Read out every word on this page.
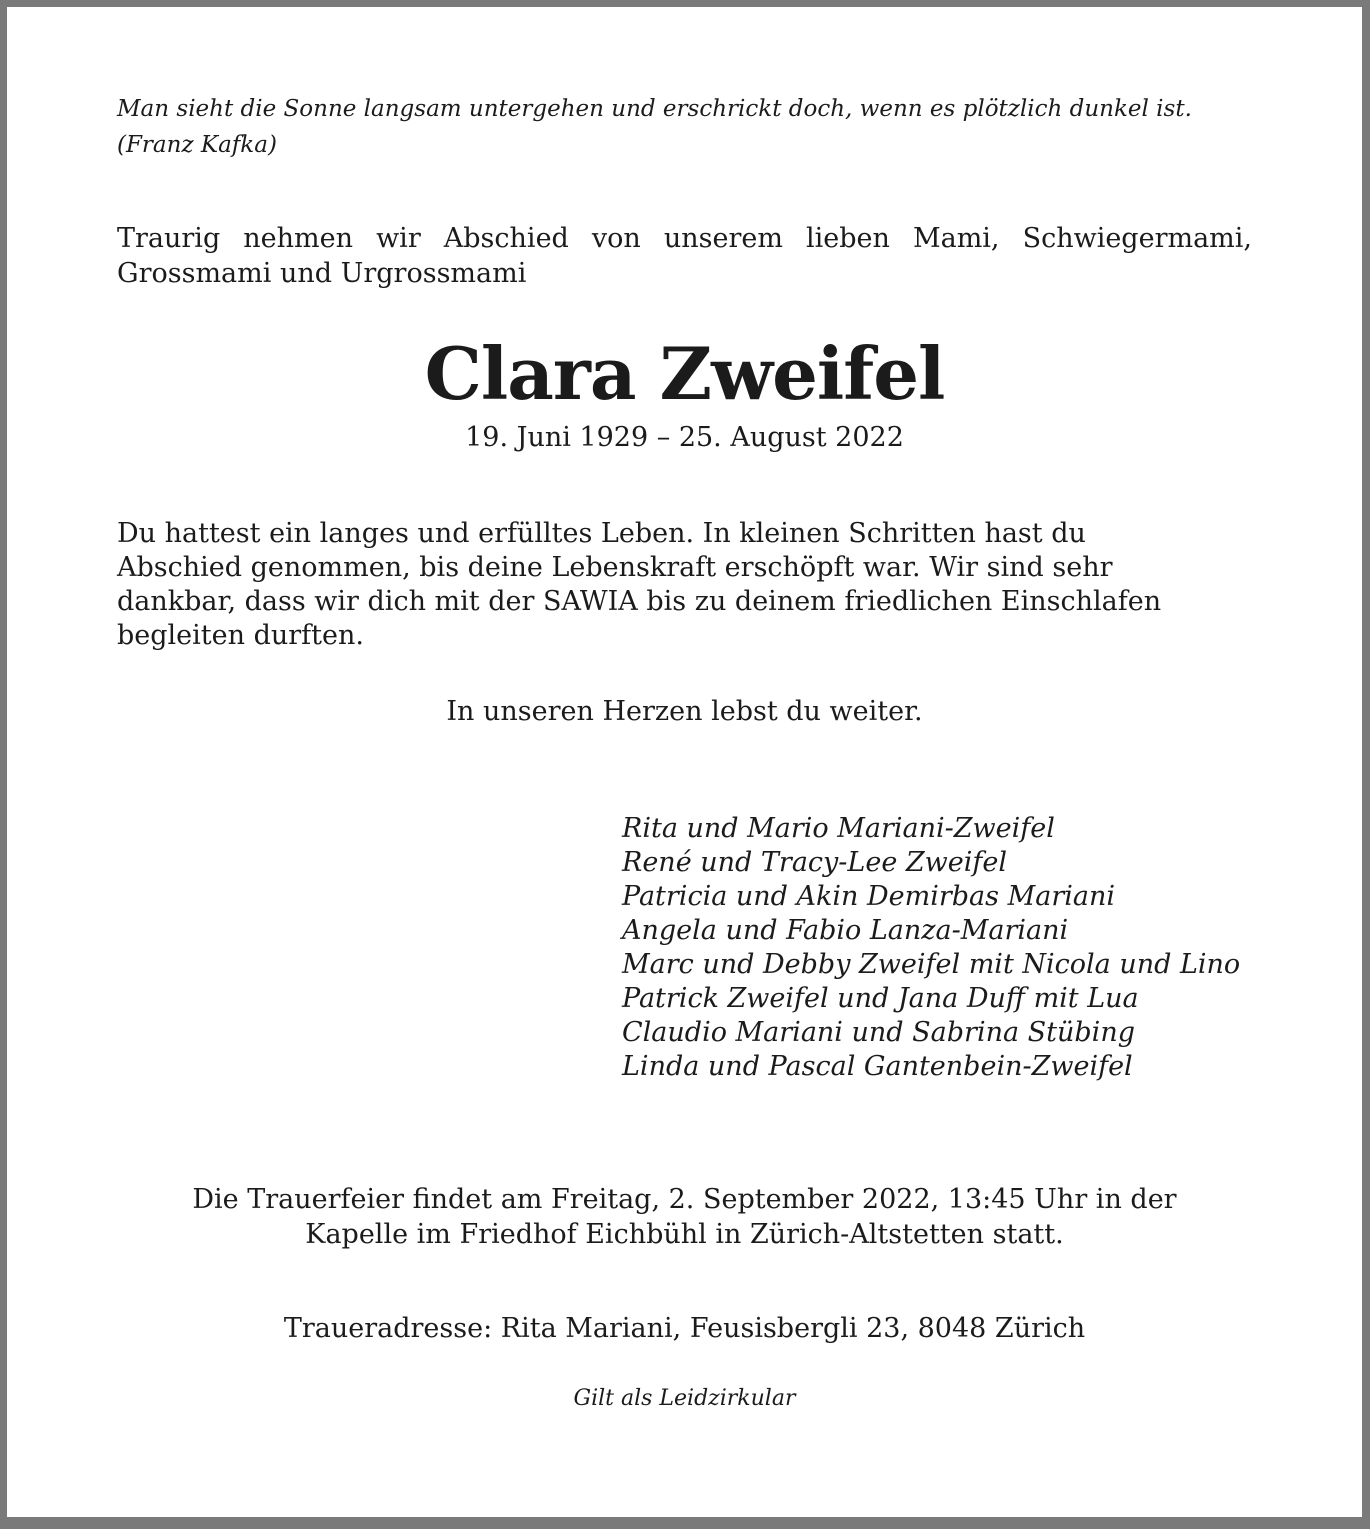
Man sieht die Sonne langsam untergehen und erschrickt doch, wenn es plötzlich dunkel ist.
(Franz Kafka)
Traurig nehmen wir Abschied von unserem lieben Mami, Schwiegermami,
Grossmami und Urgrossmami
Clara Zweifel
19. Juni 1929 – 25. August 2022
Du hattest ein langes und erfülltes Leben. In kleinen Schritten hast du
Abschied genommen, bis deine Lebenskraft erschöpft war. Wir sind sehr
dankbar, dass wir dich mit der SAWIA bis zu deinem friedlichen Einschlafen
begleiten durften.
In unseren Herzen lebst du weiter.
Rita und Mario Mariani-Zweifel
René und Tracy-Lee Zweifel
Patricia und Akin Demirbas Mariani
Angela und Fabio Lanza-Mariani
Marc und Debby Zweifel mit Nicola und Lino
Patrick Zweifel und Jana Duff mit Lua
Claudio Mariani und Sabrina Stübing
Linda und Pascal Gantenbein-Zweifel
Die Trauerfeier findet am Freitag, 2. September 2022, 13:45 Uhr in der
Kapelle im Friedhof Eichbühl in Zürich-Altstetten statt.
Traueradresse: Rita Mariani, Feusisbergli 23, 8048 Zürich
Gilt als Leidzirkular
